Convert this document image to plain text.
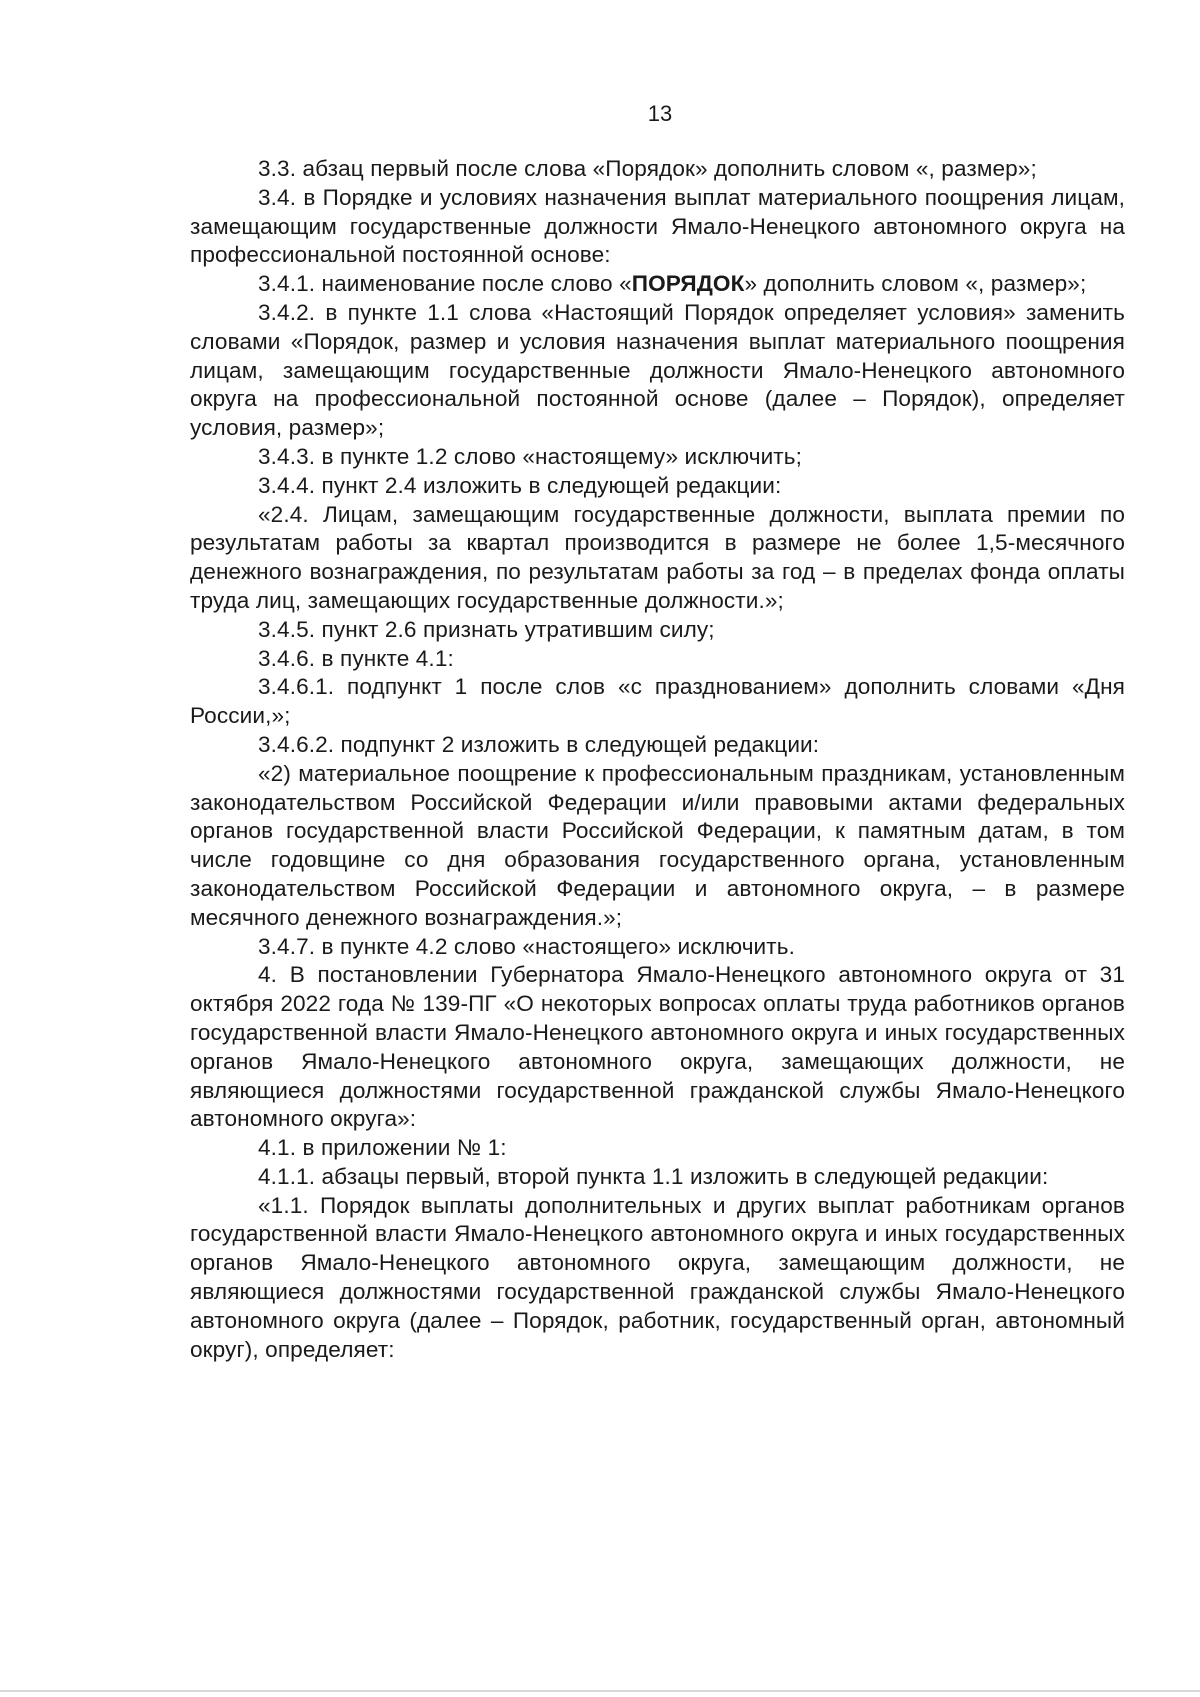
13

3.3. абзац первый после слова «Порядок» дополнить словом «, размер»;

3.4. в Порядке и условиях назначения выплат материального поощрения лицам, замещающим государственные должности Ямало-Ненецкого автономного округа на профессиональной постоянной основе:

3.4.1. наименование после слово «ПОРЯДОК» дополнить словом «, размер»;

3.4.2. в пункте 1.1 слова «Настоящий Порядок определяет условия» заменить словами «Порядок, размер и условия назначения выплат материального поощрения лицам, замещающим государственные должности Ямало-Ненецкого автономного округа на профессиональной постоянной основе (далее – Порядок), определяет условия, размер»;

3.4.3. в пункте 1.2 слово «настоящему» исключить;

3.4.4. пункт 2.4 изложить в следующей редакции:

«2.4. Лицам, замещающим государственные должности, выплата премии по результатам работы за квартал производится в размере не более 1,5-месячного денежного вознаграждения, по результатам работы за год – в пределах фонда оплаты труда лиц, замещающих государственные должности.»;

3.4.5. пункт 2.6 признать утратившим силу;

3.4.6. в пункте 4.1:

3.4.6.1. подпункт 1 после слов «с празднованием» дополнить словами «Дня России,»;

3.4.6.2. подпункт 2 изложить в следующей редакции:

«2) материальное поощрение к профессиональным праздникам, установленным законодательством Российской Федерации и/или правовыми актами федеральных органов государственной власти Российской Федерации, к памятным датам, в том числе годовщине со дня образования государственного органа, установленным законодательством Российской Федерации и автономного округа, – в размере месячного денежного вознаграждения.»;

3.4.7. в пункте 4.2 слово «настоящего» исключить.

4. В постановлении Губернатора Ямало-Ненецкого автономного округа от 31 октября 2022 года № 139-ПГ «О некоторых вопросах оплаты труда работников органов государственной власти Ямало-Ненецкого автономного округа и иных государственных органов Ямало-Ненецкого автономного округа, замещающих должности, не являющиеся должностями государственной гражданской службы Ямало-Ненецкого автономного округа»:

4.1. в приложении № 1:

4.1.1. абзацы первый, второй пункта 1.1 изложить в следующей редакции:

«1.1. Порядок выплаты дополнительных и других выплат работникам органов государственной власти Ямало-Ненецкого автономного округа и иных государственных органов Ямало-Ненецкого автономного округа, замещающим должности, не являющиеся должностями государственной гражданской службы Ямало-Ненецкого автономного округа (далее – Порядок, работник, государственный орган, автономный округ), определяет:
